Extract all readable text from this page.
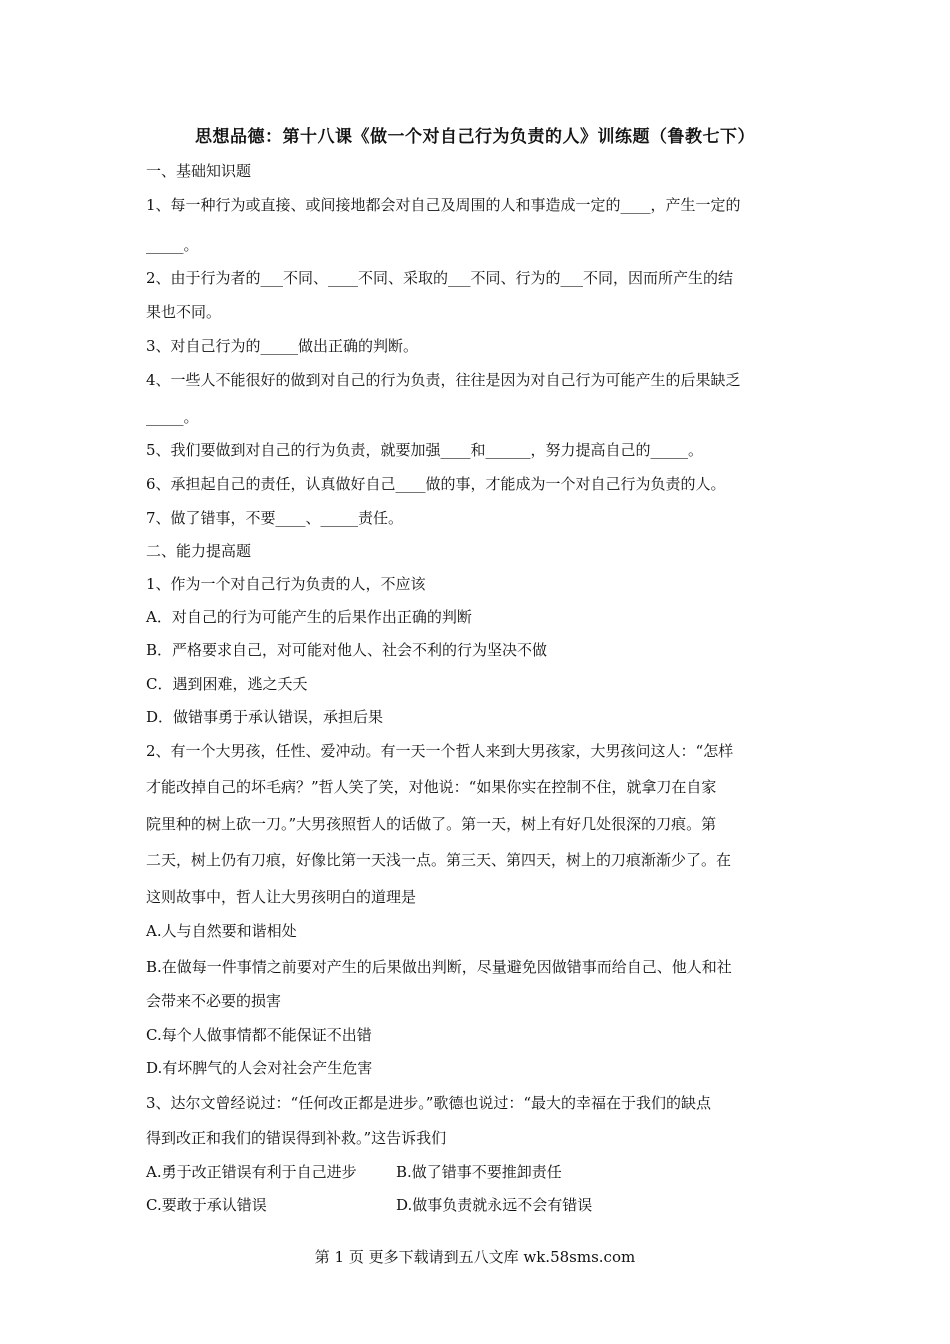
思想品德：第十八课《做一个对自己行为负责的人》训练题（鲁教七下）
一、基础知识题
1、每一种行为或直接、或间接地都会对自己及周围的人和事造成一定的____，产生一定的
_____。
2、由于行为者的___不同、____不同、采取的___不同、行为的___不同，因而所产生的结
果也不同。
3、对自己行为的_____做出正确的判断。
4、一些人不能很好的做到对自己的行为负责，往往是因为对自己行为可能产生的后果缺乏
_____。
5、我们要做到对自己的行为负责，就要加强____和______，努力提高自己的_____。
6、承担起自己的责任，认真做好自己____做的事，才能成为一个对自己行为负责的人。
7、做了错事，不要____、_____责任。
二、能力提高题
1、作为一个对自己行为负责的人，不应该
A．对自己的行为可能产生的后果作出正确的判断
B．严格要求自己，对可能对他人、社会不利的行为坚决不做
C．遇到困难，逃之夭夭
D．做错事勇于承认错误，承担后果
2、有一个大男孩，任性、爱冲动。有一天一个哲人来到大男孩家，大男孩问这人：“怎样
才能改掉自己的坏毛病？”哲人笑了笑，对他说：“如果你实在控制不住，就拿刀在自家
院里种的树上砍一刀。”大男孩照哲人的话做了。第一天，树上有好几处很深的刀痕。第
二天，树上仍有刀痕，好像比第一天浅一点。第三天、第四天，树上的刀痕渐渐少了。在
这则故事中，哲人让大男孩明白的道理是
A.人与自然要和谐相处
B.在做每一件事情之前要对产生的后果做出判断，尽量避免因做错事而给自己、他人和社
会带来不必要的损害
C.每个人做事情都不能保证不出错
D.有坏脾气的人会对社会产生危害
3、达尔文曾经说过：“任何改正都是进步。”歌德也说过：“最大的幸福在于我们的缺点
得到改正和我们的错误得到补救。”这告诉我们
A.勇于改正错误有利于自己进步	B.做了错事不要推卸责任
C.要敢于承认错误	D.做事负责就永远不会有错误
第 1 页 更多下载请到五八文库 wk.58sms.com
